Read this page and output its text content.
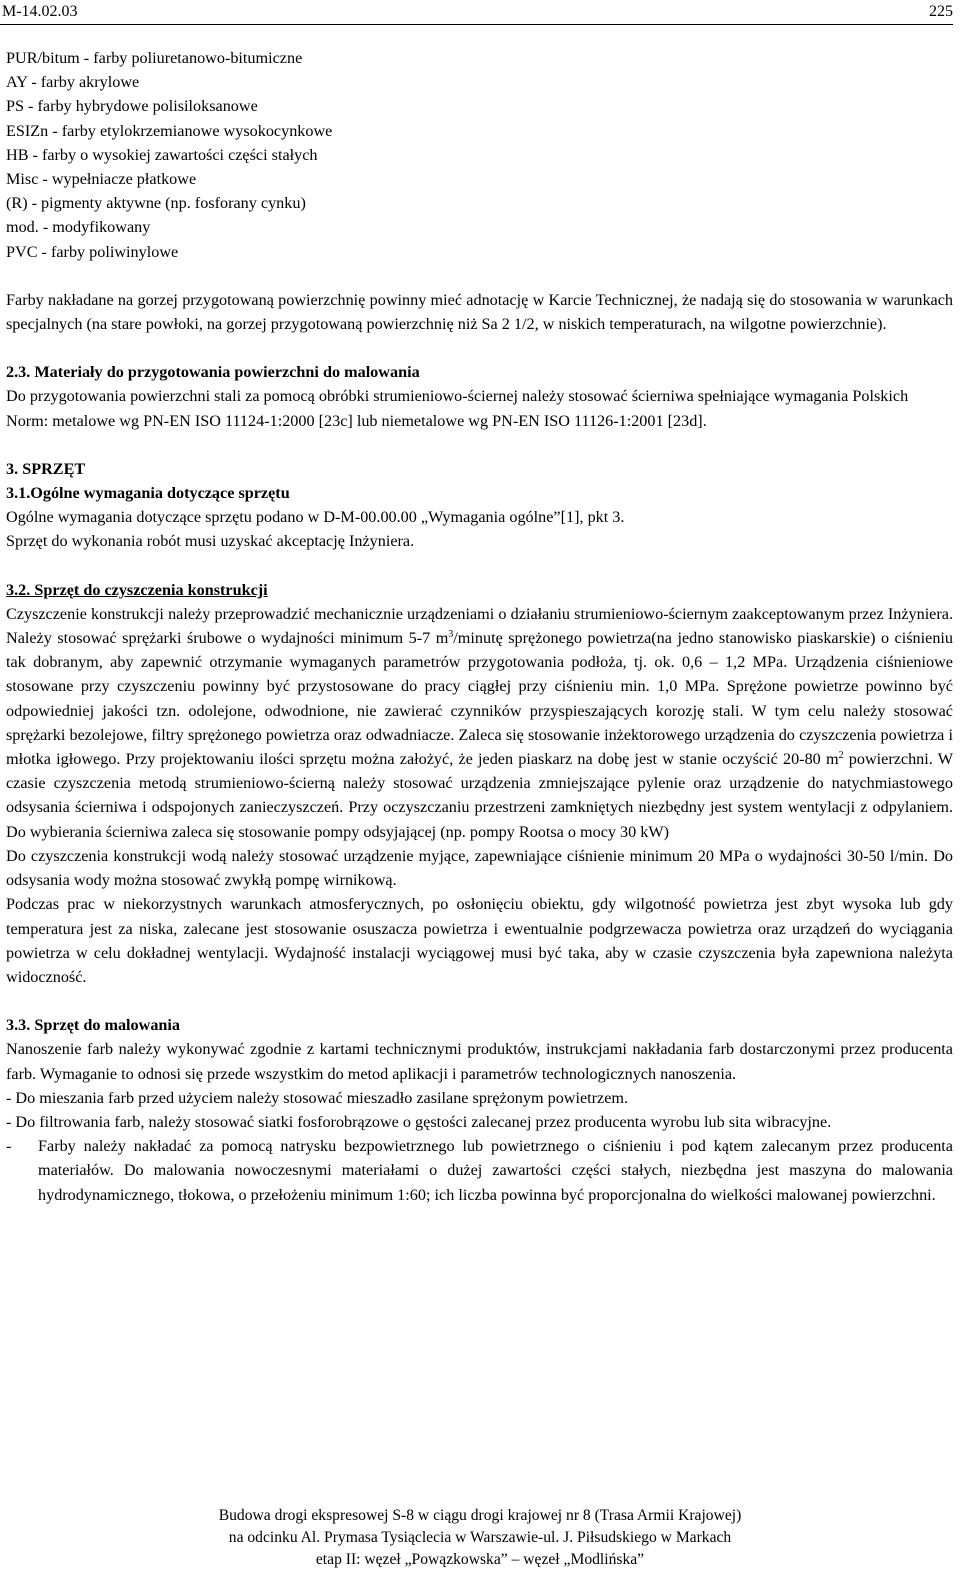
M-14.02.03	225

PUR/bitum - farby poliuretanowo-bitumiczne

AY - farby akrylowe

PS - farby hybrydowe polisiloksanowe

ESIZn - farby etylokrzemianowe wysokocynkowe

HB - farby o wysokiej zawartości części stałych

Misc - wypełniacze płatkowe

(R) - pigmenty aktywne (np. fosforany cynku)

mod. - modyfikowany

PVC - farby poliwinylowe

Farby nakładane na gorzej przygotowaną powierzchnię powinny mieć adnotację w Karcie Technicznej, że nadają się do stosowania w warunkach specjalnych (na stare powłoki, na gorzej przygotowaną powierzchnię niż Sa 2 1/2, w niskich temperaturach, na wilgotne powierzchnie).

2.3. Materiały do przygotowania powierzchni do malowania

Do przygotowania powierzchni stali za pomocą obróbki strumieniowo-ściernej należy stosować ścierniwa spełniające wymagania Polskich Norm: metalowe wg PN-EN ISO 11124-1:2000 [23c] lub niemetalowe wg PN-EN ISO 11126-1:2001 [23d].

3. SPRZĘT

3.1.Ogólne wymagania dotyczące sprzętu

Ogólne wymagania dotyczące sprzętu podano w D-M-00.00.00 „Wymagania ogólne”[1], pkt 3.

Sprzęt do wykonania robót musi uzyskać akceptację Inżyniera.

3.2. Sprzęt do czyszczenia konstrukcji

Czyszczenie konstrukcji należy przeprowadzić mechanicznie urządzeniami o działaniu strumieniowo-ściernym zaakceptowanym przez Inżyniera. Należy stosować sprężarki śrubowe o wydajności minimum 5-7 $m^3$/minutę sprężonego powietrza(na jedno stanowisko piaskarskie) o ciśnieniu tak dobranym, aby zapewnić otrzymanie wymaganych parametrów przygotowania podłoża, tj. ok. 0,6 – 1,2 MPa. Urządzenia ciśnieniowe stosowane przy czyszczeniu powinny być przystosowane do pracy ciągłej przy ciśnieniu min. 1,0 MPa. Sprężone powietrze powinno być odpowiedniej jakości tzn. odolejone, odwodnione, nie zawierać czynników przyspieszających korozję stali. W tym celu należy stosować sprężarki bezolejowe, filtry sprężonego powietrza oraz odwadniacze. Zaleca się stosowanie inżektorowego urządzenia do czyszczenia powietrza i młotka igłowego. Przy projektowaniu ilości sprzętu można założyć, że jeden piaskarz na dobę jest w stanie oczyścić 20-80 $m^2$ powierzchni. W czasie czyszczenia metodą strumieniowo-ścierną należy stosować urządzenia zmniejszające pylenie oraz urządzenie do natychmiastowego odsysania ścierniwa i odspojonych zanieczyszczeń. Przy oczyszczaniu przestrzeni zamkniętych niezbędny jest system wentylacji z odpylaniem. Do wybierania ścierniwa zaleca się stosowanie pompy odsyjającej (np. pompy Rootsa o mocy 30 kW)

Do czyszczenia konstrukcji wodą należy stosować urządzenie myjące, zapewniające ciśnienie minimum 20 MPa o wydajności 30-50 l/min. Do odsysania wody można stosować zwykłą pompę wirnikową.

Podczas prac w niekorzystnych warunkach atmosferycznych, po osłonięciu obiektu, gdy wilgotność powietrza jest zbyt wysoka lub gdy temperatura jest za niska, zalecane jest stosowanie osuszacza powietrza i ewentualnie podgrzewacza powietrza oraz urządzeń do wyciągania powietrza w celu dokładnej wentylacji. Wydajność instalacji wyciągowej musi być taka, aby w czasie czyszczenia była zapewniona należyta widoczność.

3.3. Sprzęt do malowania

Nanoszenie farb należy wykonywać zgodnie z kartami technicznymi produktów, instrukcjami nakładania farb dostarczonymi przez producenta farb. Wymaganie to odnosi się przede wszystkim do metod aplikacji i parametrów technologicznych nanoszenia.

- Do mieszania farb przed użyciem należy stosować mieszadło zasilane sprężonym powietrzem.

- Do filtrowania farb, należy stosować siatki fosforobrązowe o gęstości zalecanej przez producenta wyrobu lub sita wibracyjne.

-	Farby należy nakładać za pomocą natrysku bezpowietrznego lub powietrznego o ciśnieniu i pod kątem zalecanym przez producenta materiałów. Do malowania nowoczesnymi materiałami o dużej zawartości części stałych, niezbędna jest maszyna do malowania hydrodynamicznego, tłokowa, o przełożeniu minimum 1:60; ich liczba powinna być proporcjonalna do wielkości malowanej powierzchni.
Budowa drogi ekspresowej S-8 w ciągu drogi krajowej nr 8 (Trasa Armii Krajowej)
na odcinku Al. Prymasa Tysiąclecia w Warszawie-ul. J. Piłsudskiego w Markach
etap II: węzeł „Powązkowska” – węzeł „Modlińska”
